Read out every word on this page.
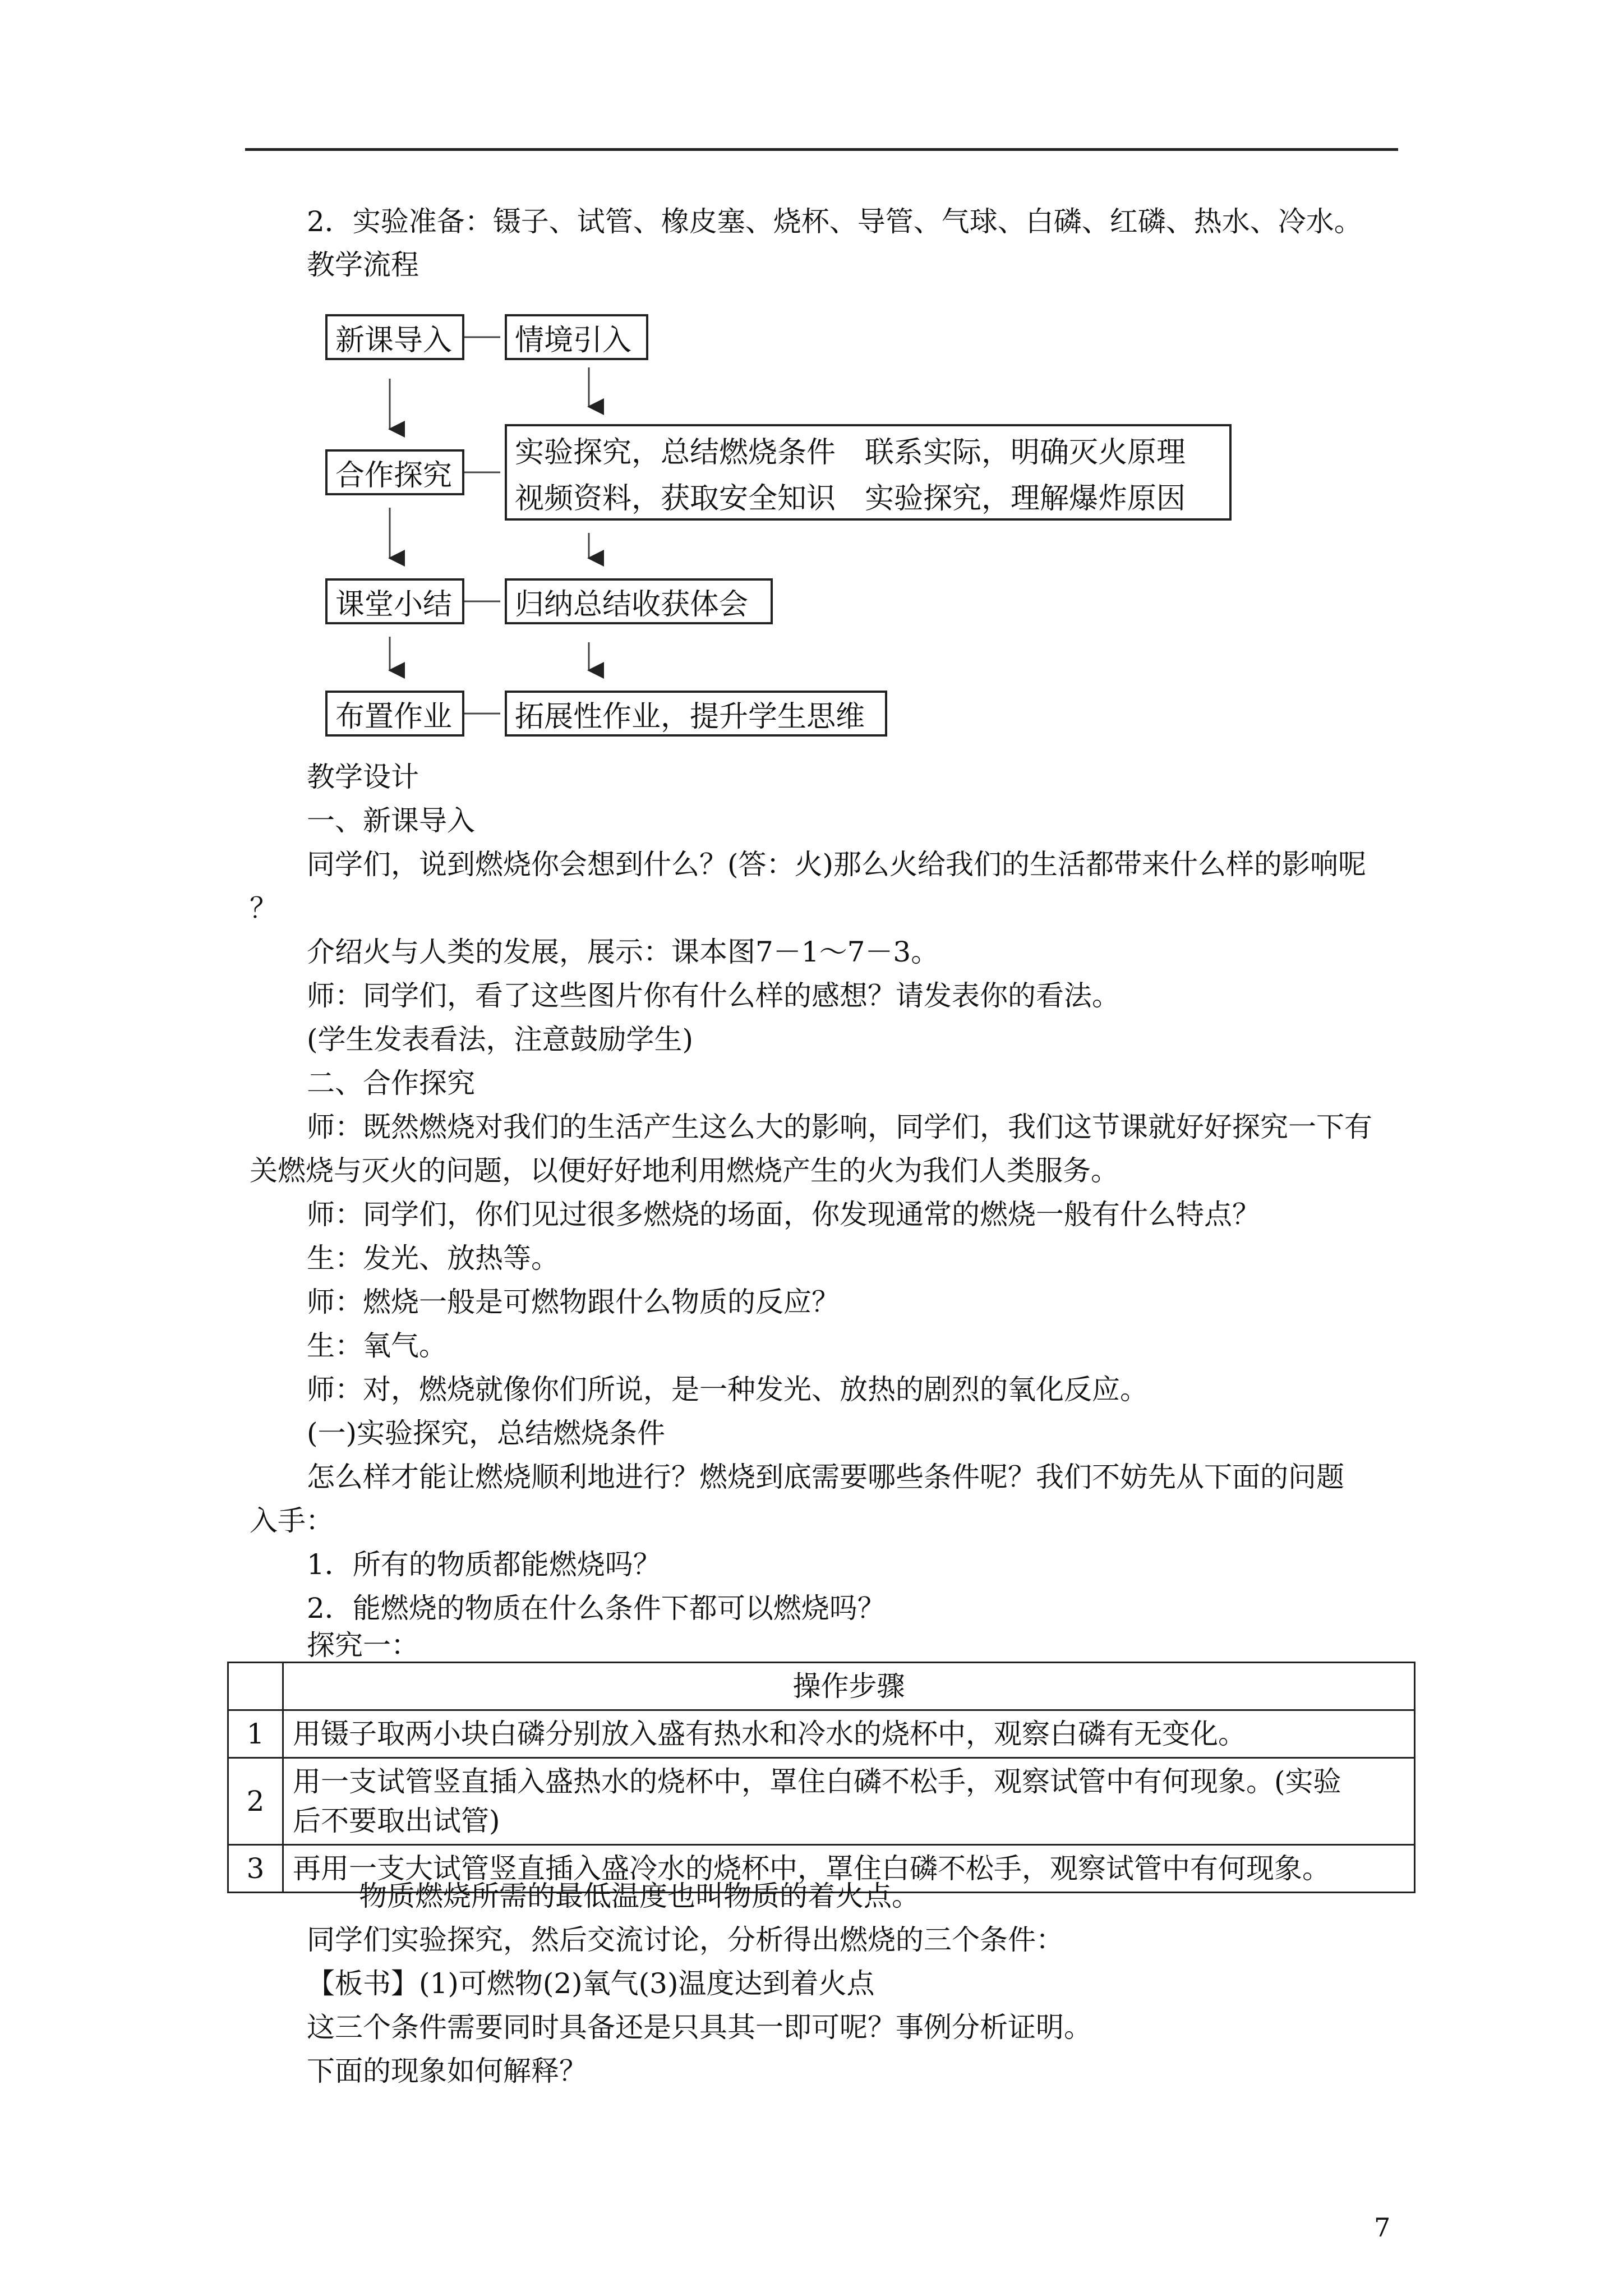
2．实验准备：镊子、试管、橡皮塞、烧杯、导管、气球、白磷、红磷、热水、冷水。
教学流程
新课导入
合作探究
课堂小结
布置作业
情境引入
实验探究，总结燃烧条件　联系实际，明确灭火原理
视频资料，获取安全知识　实验探究，理解爆炸原因
归纳总结收获体会
拓展性作业，提升学生思维
教学设计
一、新课导入
同学们，说到燃烧你会想到什么？(答：火)那么火给我们的生活都带来什么样的影响呢
？
介绍火与人类的发展，展示：课本图7－1～7－3。
师：同学们，看了这些图片你有什么样的感想？请发表你的看法。
(学生发表看法，注意鼓励学生)
二、合作探究
师：既然燃烧对我们的生活产生这么大的影响，同学们，我们这节课就好好探究一下有
关燃烧与灭火的问题，以便好好地利用燃烧产生的火为我们人类服务。
师：同学们，你们见过很多燃烧的场面，你发现通常的燃烧一般有什么特点？
生：发光、放热等。
师：燃烧一般是可燃物跟什么物质的反应？
生：氧气。
师：对，燃烧就像你们所说，是一种发光、放热的剧烈的氧化反应。
(一)实验探究，总结燃烧条件
怎么样才能让燃烧顺利地进行？燃烧到底需要哪些条件呢？我们不妨先从下面的问题
入手：
1．所有的物质都能燃烧吗？
2．能燃烧的物质在什么条件下都可以燃烧吗？
探究一：
	操作步骤
1	用镊子取两小块白磷分别放入盛有热水和冷水的烧杯中，观察白磷有无变化。
2	用一支试管竖直插入盛热水的烧杯中，罩住白磷不松手，观察试管中有何现象。(实验
后不要取出试管)

3	再用一支大试管竖直插入盛冷水的烧杯中，罩住白磷不松手，观察试管中有何现象。
物质燃烧所需的最低温度也叫物质的着火点。
同学们实验探究，然后交流讨论，分析得出燃烧的三个条件：
【板书】(1)可燃物(2)氧气(3)温度达到着火点
这三个条件需要同时具备还是只具其一即可呢？事例分析证明。
下面的现象如何解释？
7
